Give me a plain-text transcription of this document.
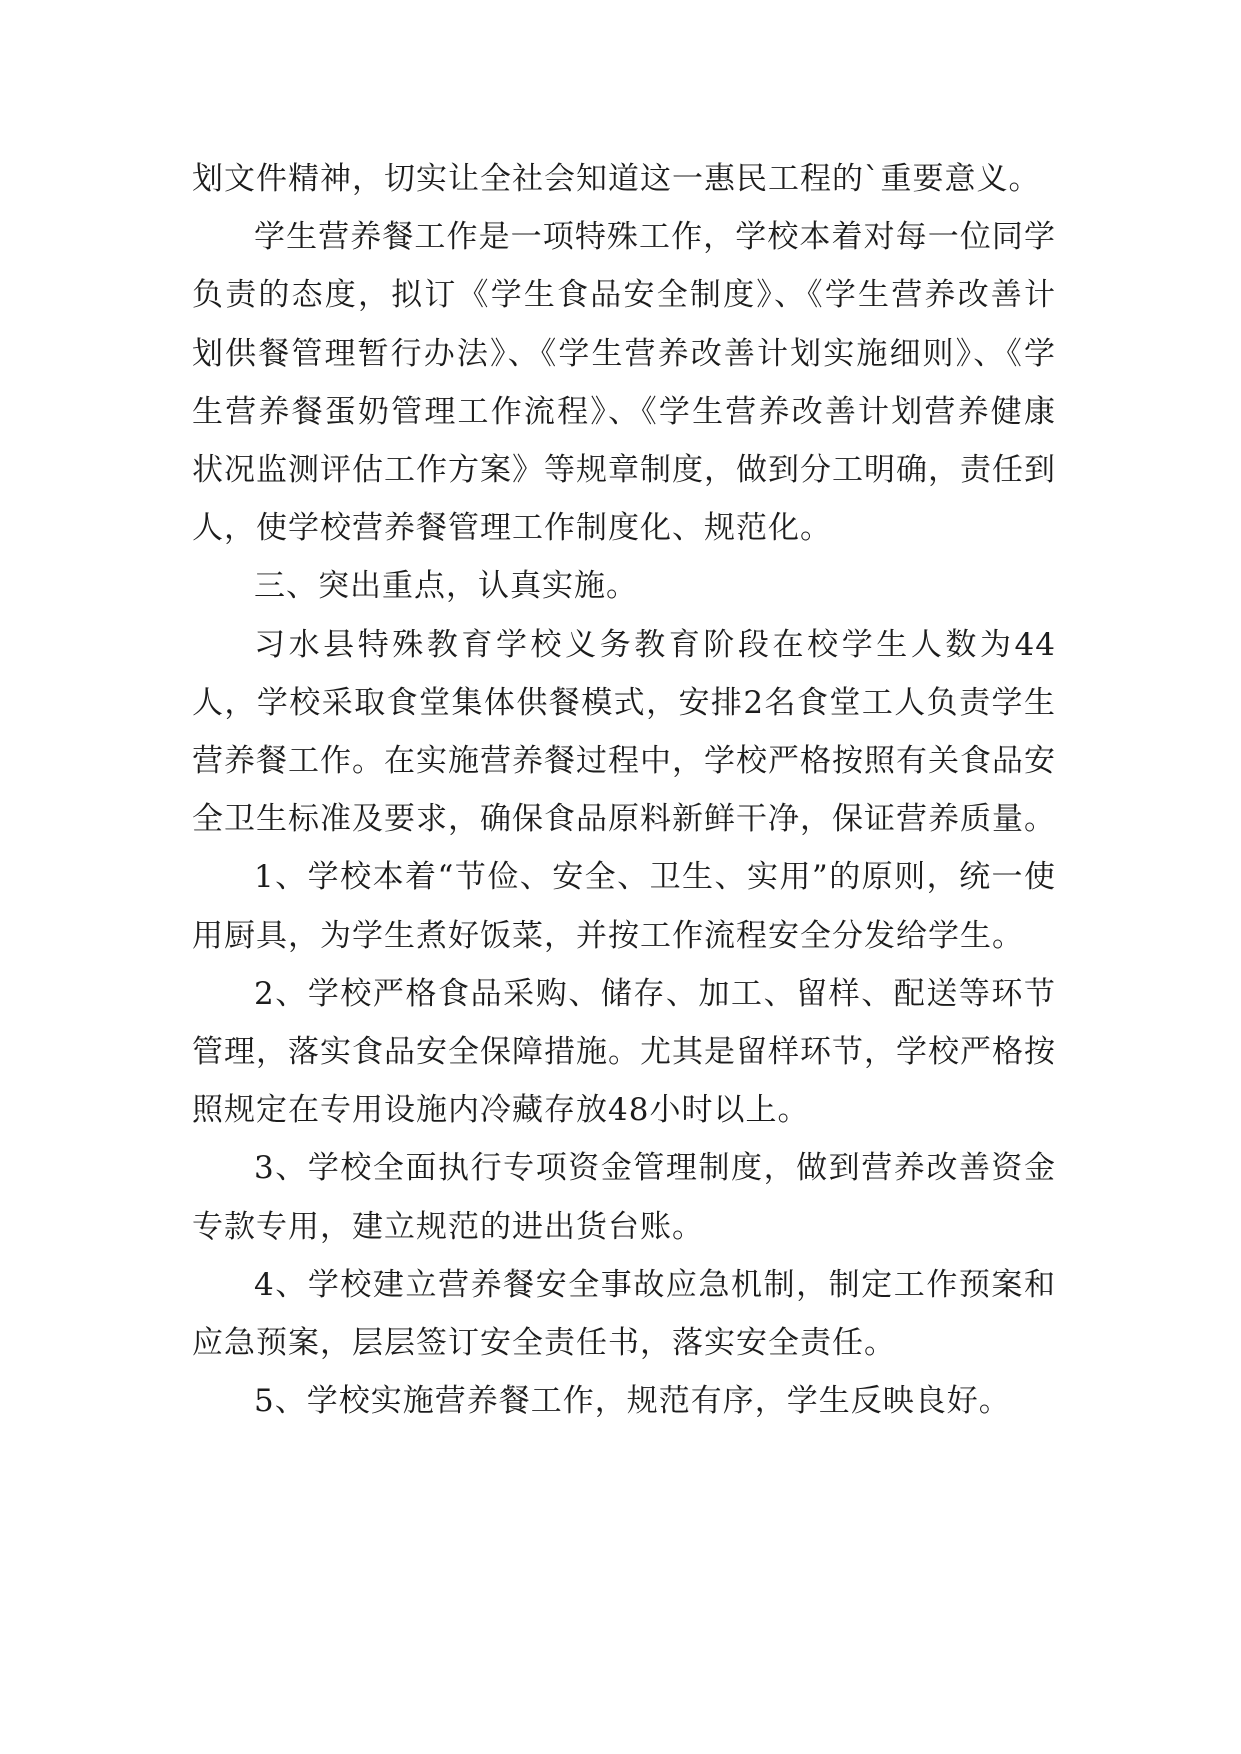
划文件精神，切实让全社会知道这一惠民工程的`重要意义。

学生营养餐工作是一项特殊工作，学校本着对每一位同学负责的态度，拟订《学生食品安全制度》、《学生营养改善计划供餐管理暂行办法》、《学生营养改善计划实施细则》、《学生营养餐蛋奶管理工作流程》、《学生营养改善计划营养健康状况监测评估工作方案》等规章制度，做到分工明确，责任到人，使学校营养餐管理工作制度化、规范化。

三、突出重点，认真实施。

习水县特殊教育学校义务教育阶段在校学生人数为44人，学校采取食堂集体供餐模式，安排2名食堂工人负责学生营养餐工作。在实施营养餐过程中，学校严格按照有关食品安全卫生标准及要求，确保食品原料新鲜干净，保证营养质量。

1、学校本着“节俭、安全、卫生、实用”的原则，统一使用厨具，为学生煮好饭菜，并按工作流程安全分发给学生。

2、学校严格食品采购、储存、加工、留样、配送等环节管理，落实食品安全保障措施。尤其是留样环节，学校严格按照规定在专用设施内冷藏存放48小时以上。

3、学校全面执行专项资金管理制度，做到营养改善资金专款专用，建立规范的进出货台账。

4、学校建立营养餐安全事故应急机制，制定工作预案和应急预案，层层签订安全责任书，落实安全责任。

5、学校实施营养餐工作，规范有序，学生反映良好。
